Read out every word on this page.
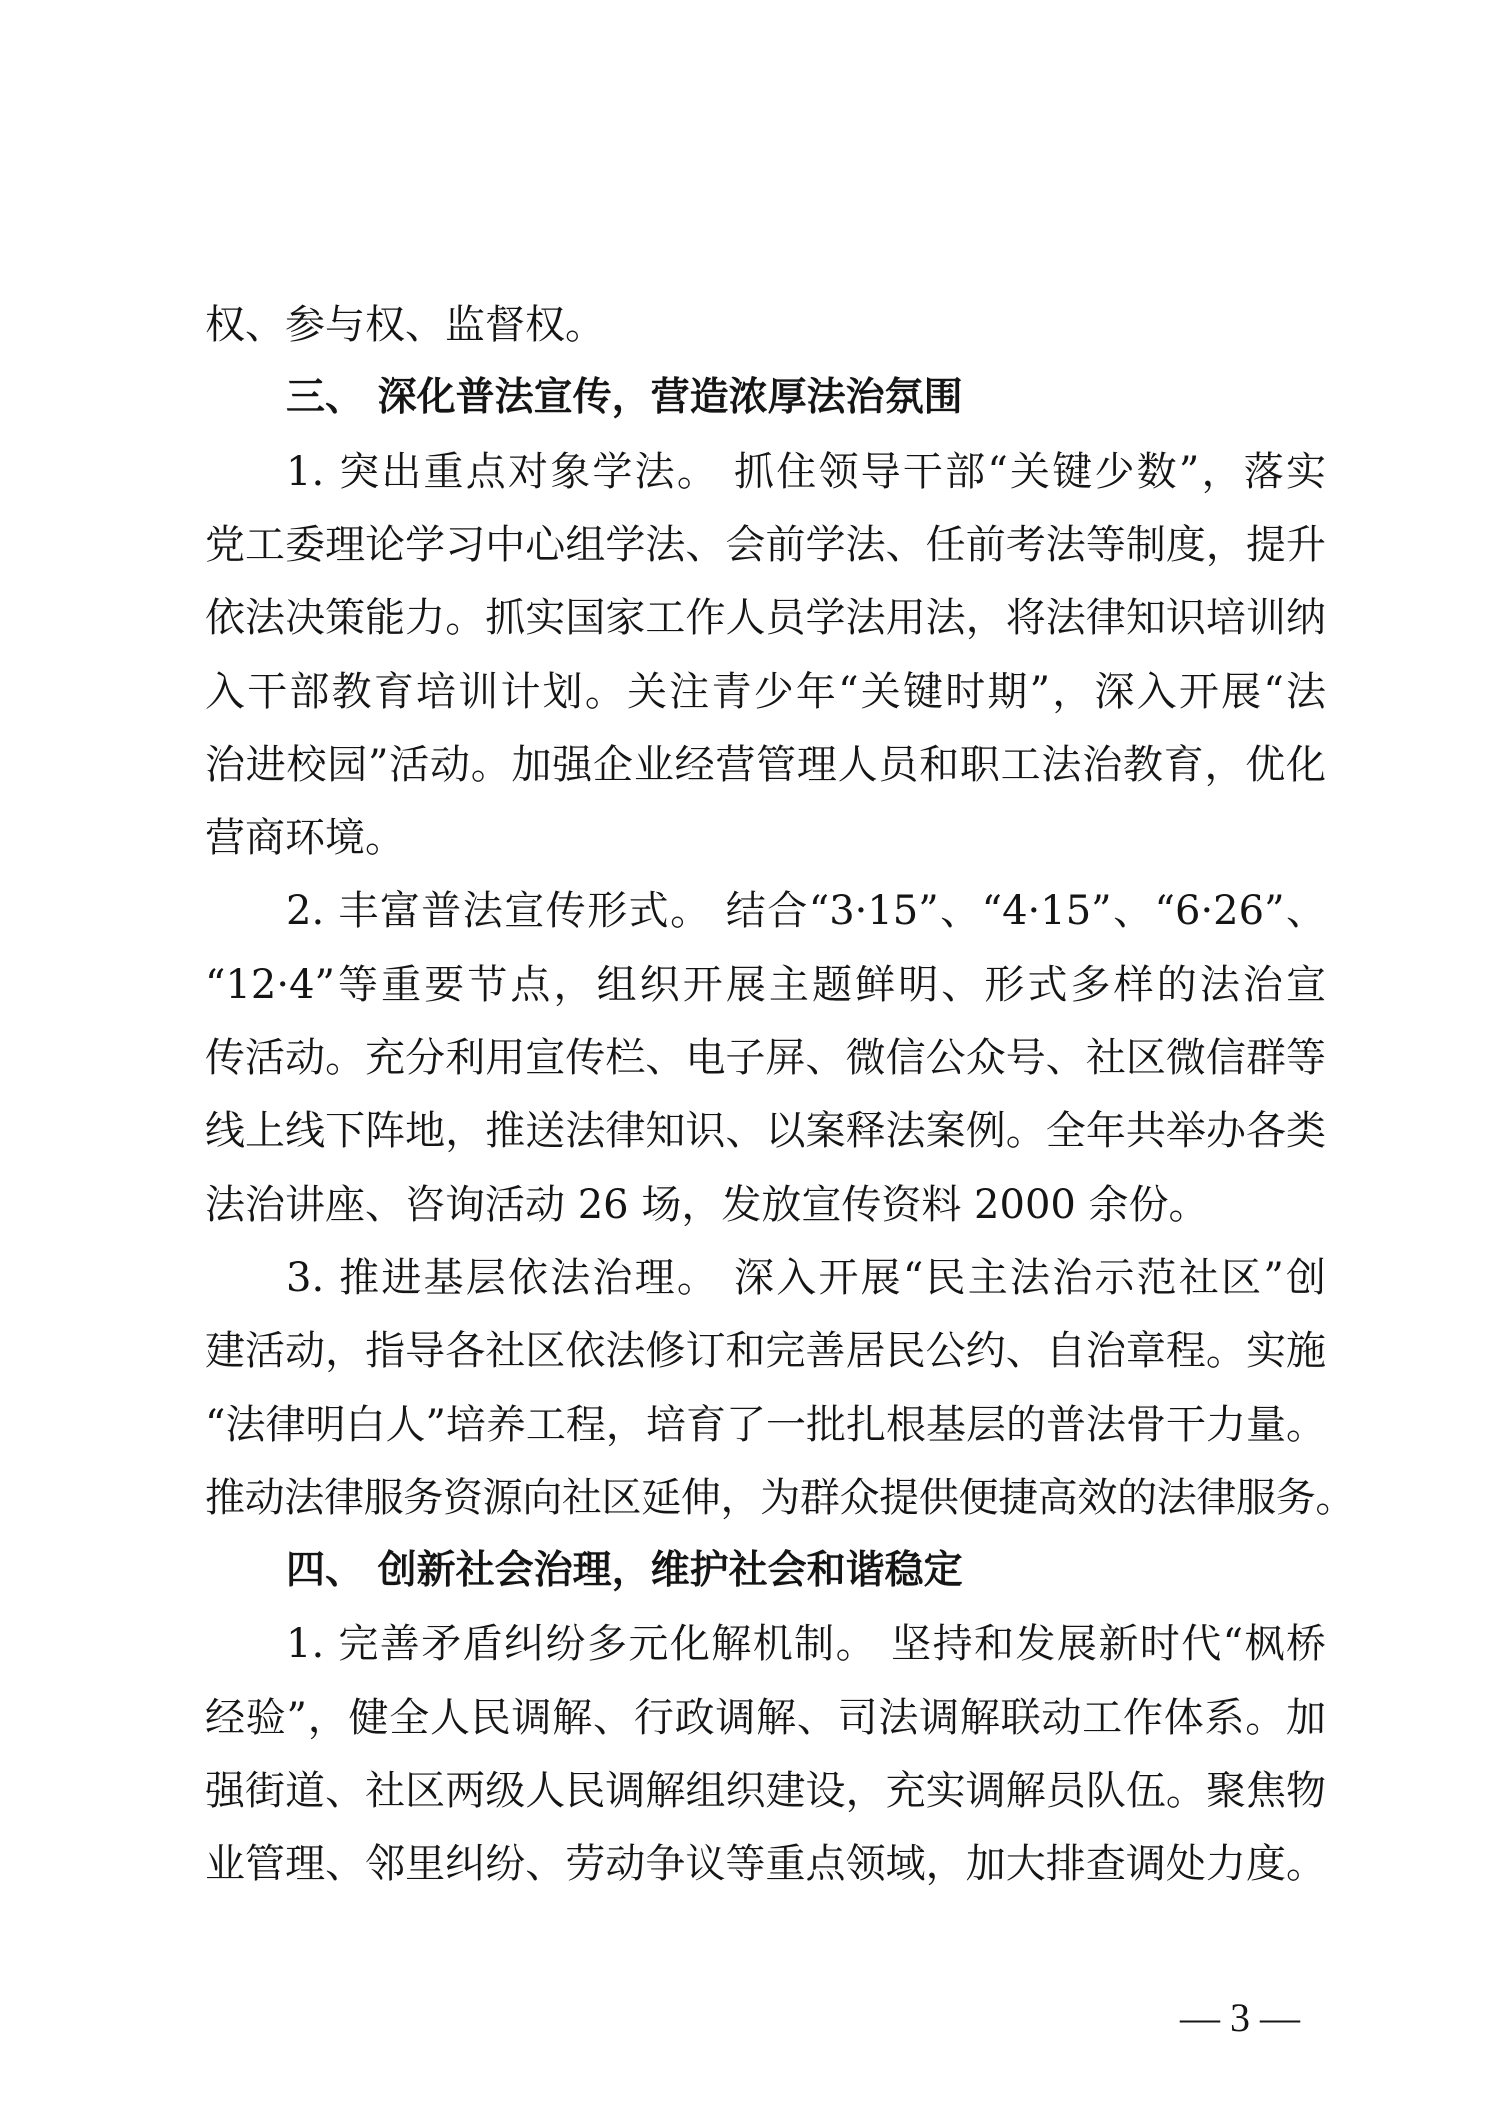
权、参与权、监督权。
三、 深化普法宣传，营造浓厚法治氛围
1. 突出重点对象学法。 抓住领导干部“关键少数”，落实
党工委理论学习中心组学法、会前学法、任前考法等制度，提升
依法决策能力。抓实国家工作人员学法用法，将法律知识培训纳
入干部教育培训计划。关注青少年“关键时期”，深入开展“法
治进校园”活动。加强企业经营管理人员和职工法治教育，优化
营商环境。
2. 丰富普法宣传形式。 结合“3·15”、“4·15”、“6·26”、
“12·4”等重要节点，组织开展主题鲜明、形式多样的法治宣
传活动。充分利用宣传栏、电子屏、微信公众号、社区微信群等
线上线下阵地，推送法律知识、以案释法案例。全年共举办各类
法治讲座、咨询活动 26 场，发放宣传资料 2000 余份。
3. 推进基层依法治理。 深入开展“民主法治示范社区”创
建活动，指导各社区依法修订和完善居民公约、自治章程。实施
“法律明白人”培养工程，培育了一批扎根基层的普法骨干力量。
推动法律服务资源向社区延伸，为群众提供便捷高效的法律服务。
四、 创新社会治理，维护社会和谐稳定
1. 完善矛盾纠纷多元化解机制。 坚持和发展新时代“枫桥
经验”，健全人民调解、行政调解、司法调解联动工作体系。加
强街道、社区两级人民调解组织建设，充实调解员队伍。聚焦物
业管理、邻里纠纷、劳动争议等重点领域，加大排查调处力度。
— 3 —
